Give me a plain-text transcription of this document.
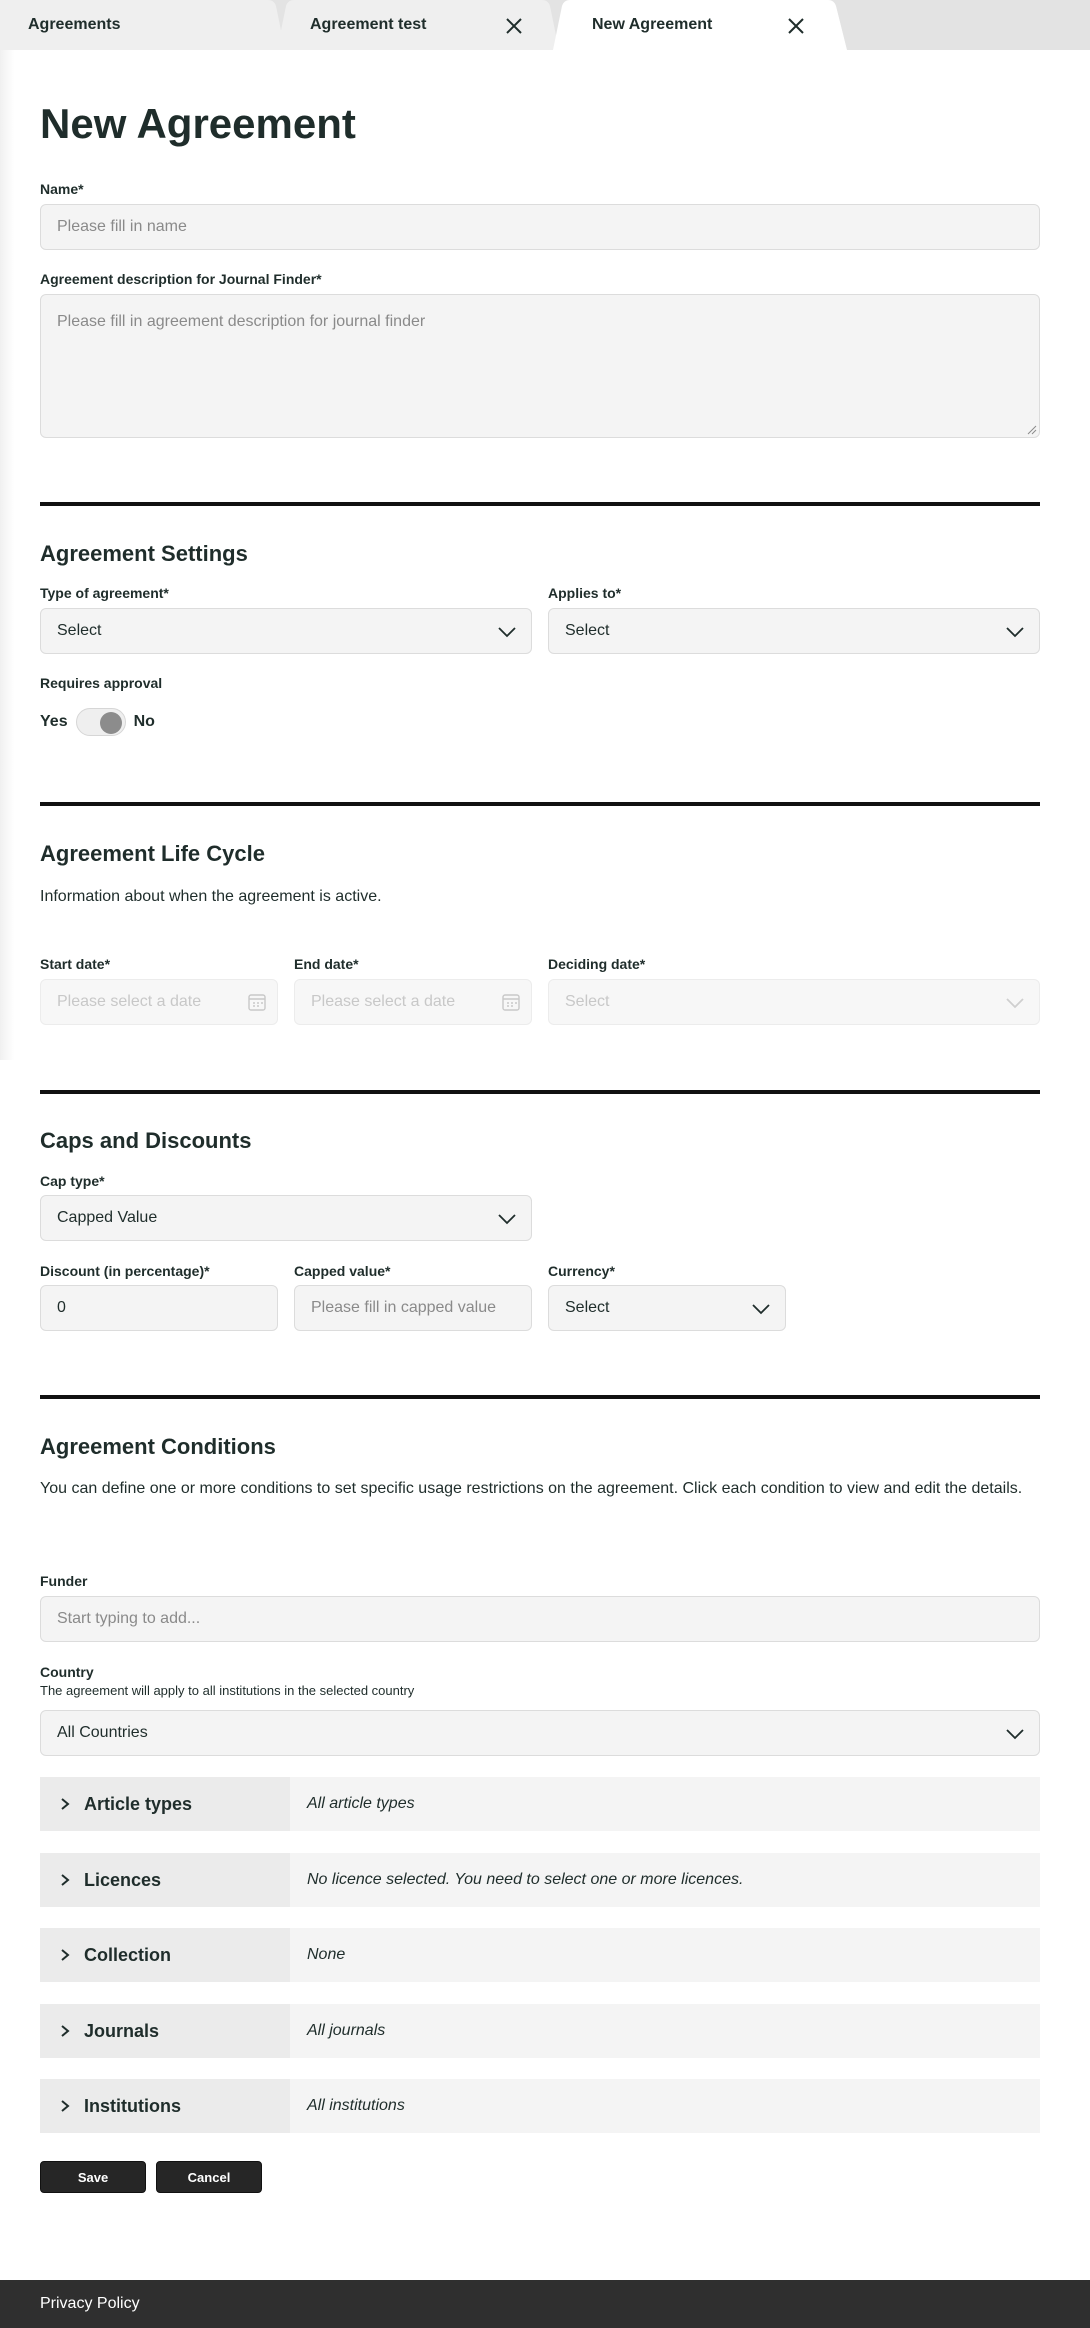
Agreements	Agreement test	New Agreement
New Agreement
Name*
Please fill in name
Agreement description for Journal Finder*
Please fill in agreement description for journal finder
Agreement Settings
Type of agreement*
Select
Applies to*
Select
Requires approval
Yes	No
Agreement Life Cycle
Information about when the agreement is active.
Start date*
Please select a date
End date*
Please select a date
Deciding date*
Select
Caps and Discounts
Cap type*
Capped Value
Discount (in percentage)*
0
Capped value*
Please fill in capped value
Currency*
Select
Agreement Conditions
You can define one or more conditions to set specific usage restrictions on the agreement. Click each condition to view and edit the details.
Funder
Start typing to add...
Country
The agreement will apply to all institutions in the selected country
All Countries
Article types	All article types
Licences	No licence selected. You need to select one or more licences.
Collection	None
Journals	All journals
Institutions	All institutions
Save	Cancel
Privacy Policy
